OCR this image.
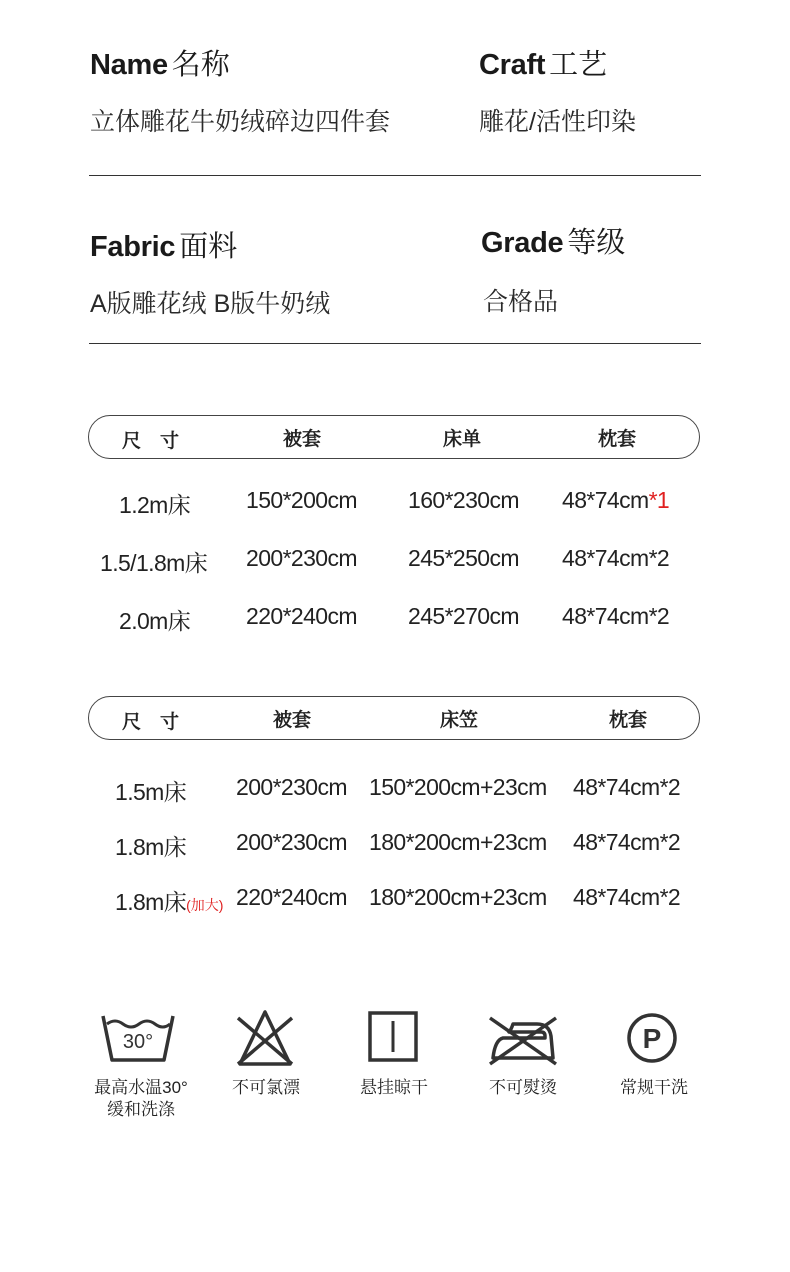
Name 名称
立体雕花牛奶绒碎边四件套
Craft 工艺
雕花/活性印染
Fabric 面料
A版雕花绒 B版牛奶绒
Grade 等级
合格品
尺　寸	被套	床单	枕套
1.2m床 150*200cm 160*230cm 48*74cm*1
1.5/1.8m床 200*230cm 245*250cm 48*74cm*2
2.0m床 220*240cm 245*270cm 48*74cm*2
尺　寸	被套	床笠	枕套
1.5m床 200*230cm 150*200cm+23cm 48*74cm*2
1.8m床 200*230cm 180*200cm+23cm 48*74cm*2
1.8m床(加大) 220*240cm 180*200cm+23cm 48*74cm*2
30°	P
最高水温30°
缓和洗涤
不可氯漂	悬挂晾干	不可熨烫	常规干洗
